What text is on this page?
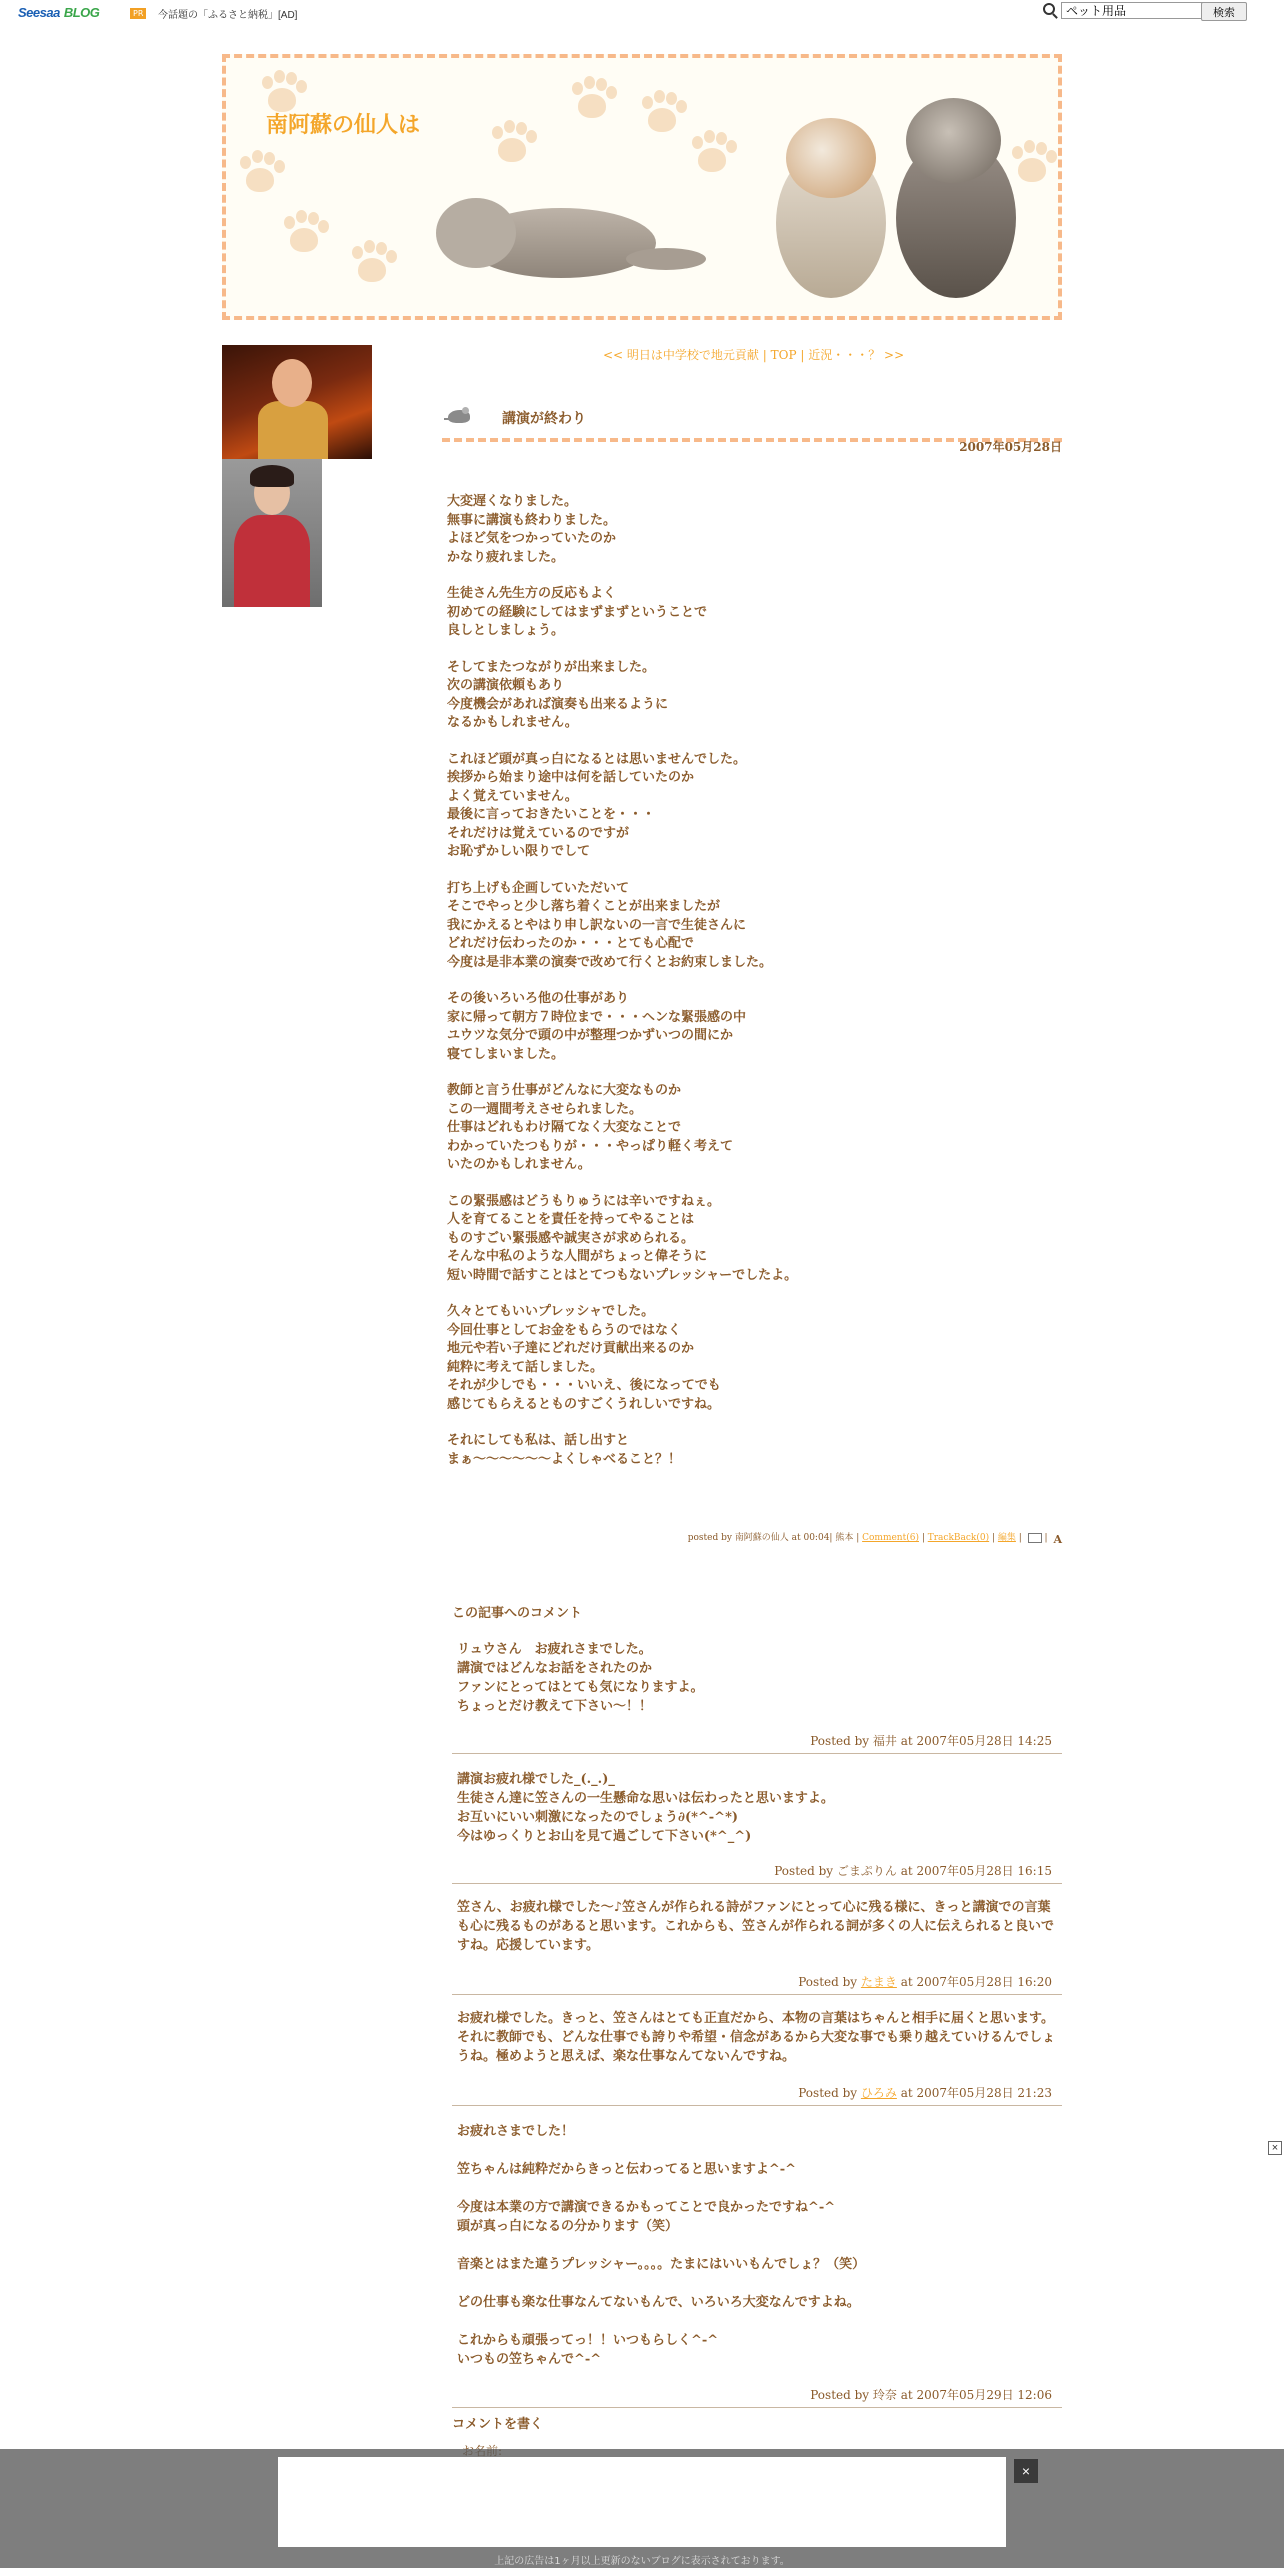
Seesaa BLOG	PR	今話題の「ふるさと納税」[AD]
ペット用品	検索
南阿蘇の仙人は
<< 明日は中学校で地元貢献 | TOP | 近況・・・？ >>
講演が終わり
2007年05月28日

大変遅くなりました。
無事に講演も終わりました。
よほど気をつかっていたのか
かなり疲れました。

生徒さん先生方の反応もよく
初めての経験にしてはまずまずということで
良しとしましょう。

そしてまたつながりが出来ました。
次の講演依頼もあり
今度機会があれば演奏も出来るように
なるかもしれません。

これほど頭が真っ白になるとは思いませんでした。
挨拶から始まり途中は何を話していたのか
よく覚えていません。
最後に言っておきたいことを・・・
それだけは覚えているのですが
お恥ずかしい限りでして

打ち上げも企画していただいて
そこでやっと少し落ち着くことが出来ましたが
我にかえるとやはり申し訳ないの一言で生徒さんに
どれだけ伝わったのか・・・とても心配で
今度は是非本業の演奏で改めて行くとお約束しました。

その後いろいろ他の仕事があり
家に帰って朝方７時位まで・・・ヘンな緊張感の中
ユウツな気分で頭の中が整理つかずいつの間にか
寝てしまいました。

教師と言う仕事がどんなに大変なものか
この一週間考えさせられました。
仕事はどれもわけ隔てなく大変なことで
わかっていたつもりが・・・やっぱり軽く考えて
いたのかもしれません。

この緊張感はどうもりゅうには辛いですねぇ。
人を育てることを責任を持ってやることは
ものすごい緊張感や誠実さが求められる。
そんな中私のような人間がちょっと偉そうに
短い時間で話すことはとてつもないプレッシャーでしたよ。

久々とてもいいプレッシャでした。
今回仕事としてお金をもらうのではなく
地元や若い子達にどれだけ貢献出来るのか
純粋に考えて話しました。
それが少しでも・・・いいえ、後になってでも
感じてもらえるとものすごくうれしいですね。

それにしても私は、話し出すと
まぁ～～～～～～よくしゃべること？！

posted by 南阿蘇の仙人 at 00:04| 熊本 | Comment(6) | TrackBack(0) | 編集 |  | A
この記事へのコメント
リュウさん　お疲れさまでした。
講演ではどんなお話をされたのか
ファンにとってはとても気になりますよ。
ちょっとだけ教えて下さい～！！
Posted by 福井 at 2007年05月28日 14:25
講演お疲れ様でした_(._.)_
生徒さん達に笠さんの一生懸命な思いは伝わったと思いますよ。
お互いにいい刺激になったのでしょう∂(*^-^*)
今はゆっくりとお山を見て過ごして下さい(*^_^)
Posted by ごまぷりん at 2007年05月28日 16:15
笠さん、お疲れ様でした～♪笠さんが作られる詩がファンにとって心に残る様に、きっと講演での言葉も心に残るものがあると思います。これからも、笠さんが作られる詞が多くの人に伝えられると良いですね。応援しています。
Posted by たまき at 2007年05月28日 16:20
お疲れ様でした。きっと、笠さんはとても正直だから、本物の言葉はちゃんと相手に届くと思います。それに教師でも、どんな仕事でも誇りや希望・信念があるから大変な事でも乗り越えていけるんでしょうね。極めようと思えば、楽な仕事なんてないんですね。
Posted by ひろみ at 2007年05月28日 21:23
お疲れさまでした！

笠ちゃんは純粋だからきっと伝わってると思いますよ^-^

今度は本業の方で講演できるかもってことで良かったですね^-^
頭が真っ白になるの分かります（笑）

音楽とはまた違うプレッシャー。。。。たまにはいいもんでしょ？（笑）

どの仕事も楽な仕事なんてないもんで、いろいろ大変なんですよね。

これからも頑張ってっ！！いつもらしく^-^
いつもの笠ちゃんで^-^
Posted by 玲奈 at 2007年05月29日 12:06
コメントを書く
×
×
上記の広告は1ヶ月以上更新のないブログに表示されております。
